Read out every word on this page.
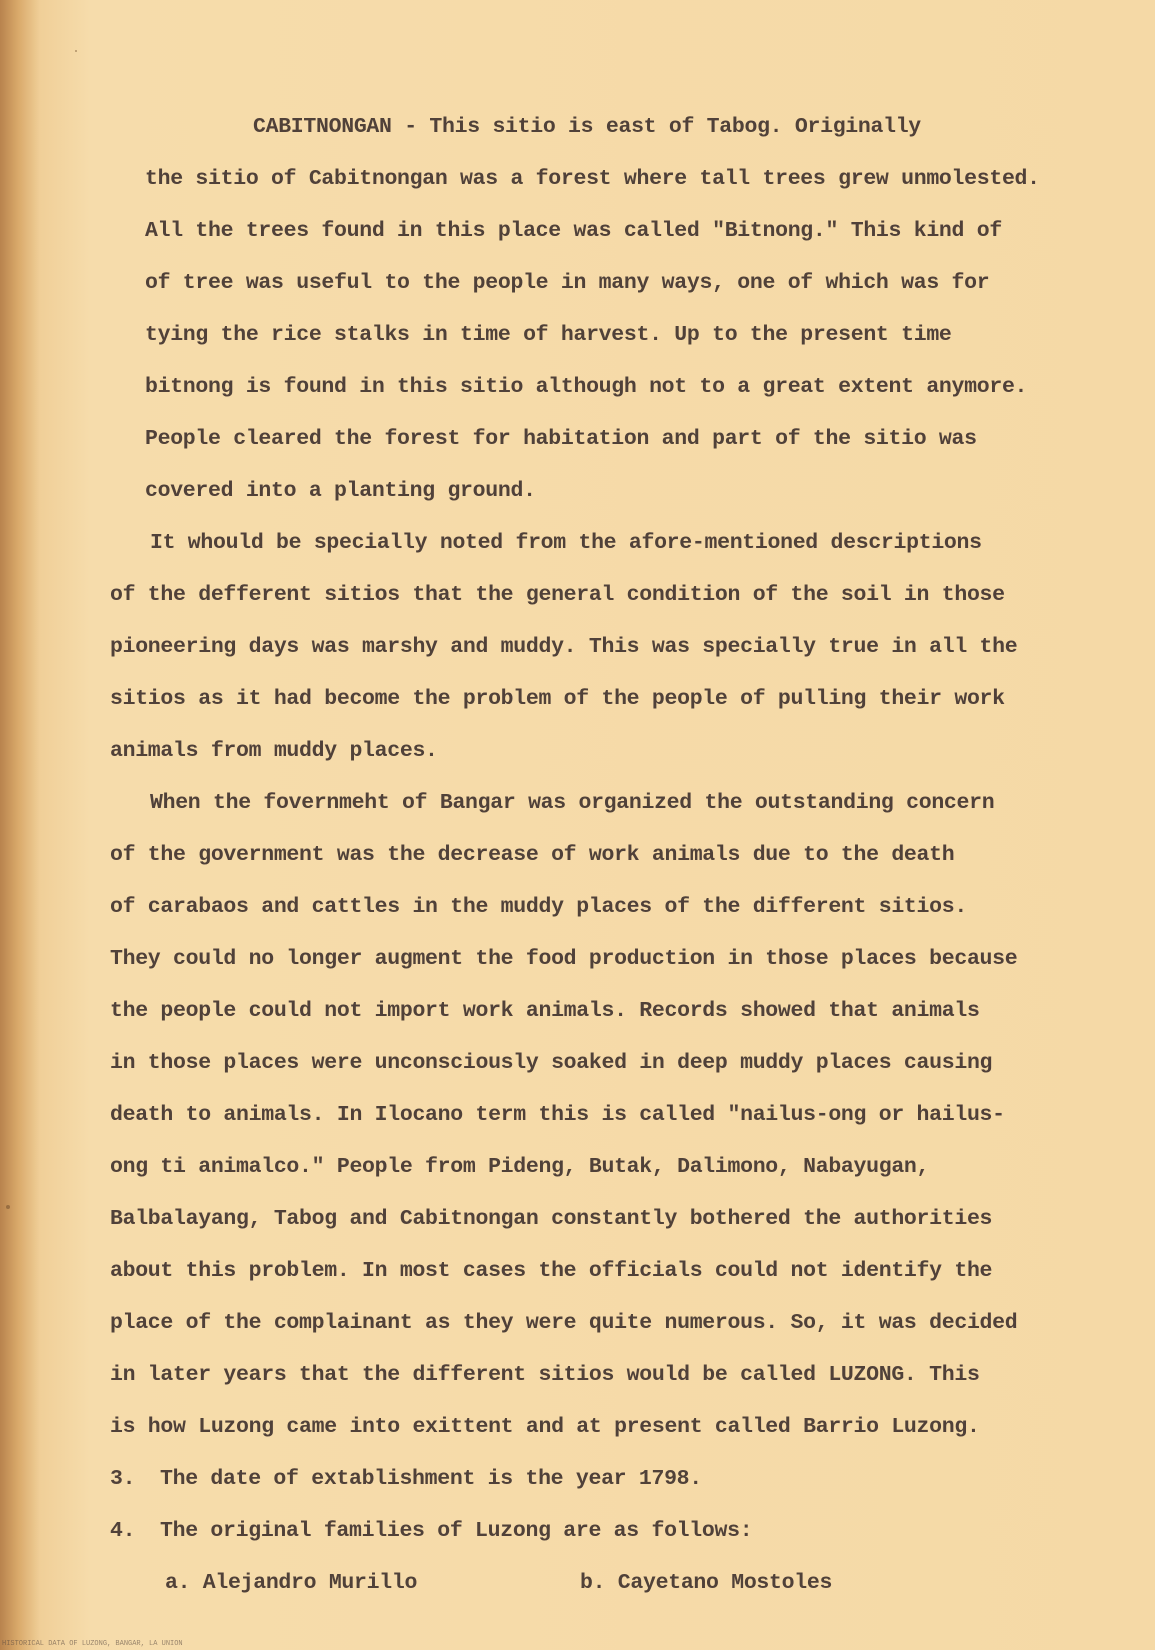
CABITNONGAN - This sitio is east of Tabog. Originally
the sitio of Cabitnongan was a forest where tall trees grew unmolested.
All the trees found in this place was called "Bitnong." This kind of
of tree was useful to the people in many ways, one of which was for
tying the rice stalks in time of harvest. Up to the present time
bitnong is found in this sitio although not to a great extent anymore.
People cleared the forest for habitation and part of the sitio was
covered into a planting ground.
It whould be specially noted from the afore-mentioned descriptions
of the defferent sitios that the general condition of the soil in those
pioneering days was marshy and muddy. This was specially true in all the
sitios as it had become the problem of the people of pulling their work
animals from muddy places.
When the fovernmeht of Bangar was organized the outstanding concern
of the government was the decrease of work animals due to the death
of carabaos and cattles in the muddy places of the different sitios.
They could no longer augment the food production in those places because
the people could not import work animals. Records showed that animals
in those places were unconsciously soaked in deep muddy places causing
death to animals. In Ilocano term this is called "nailus-ong or hailus-
ong ti animalco." People from Pideng, Butak, Dalimono, Nabayugan,
Balbalayang, Tabog and Cabitnongan constantly bothered the authorities
about this problem. In most cases the officials could not identify the
place of the complainant as they were quite numerous. So, it was decided
in later years that the different sitios would be called LUZONG. This
is how Luzong came into exittent and at present called Barrio Luzong.
3. The date of extablishment is the year 1798.
4. The original families of Luzong are as follows:
a. Alejandro Murillo	b. Cayetano Mostoles
HISTORICAL DATA OF LUZONG, BANGAR, LA UNION
